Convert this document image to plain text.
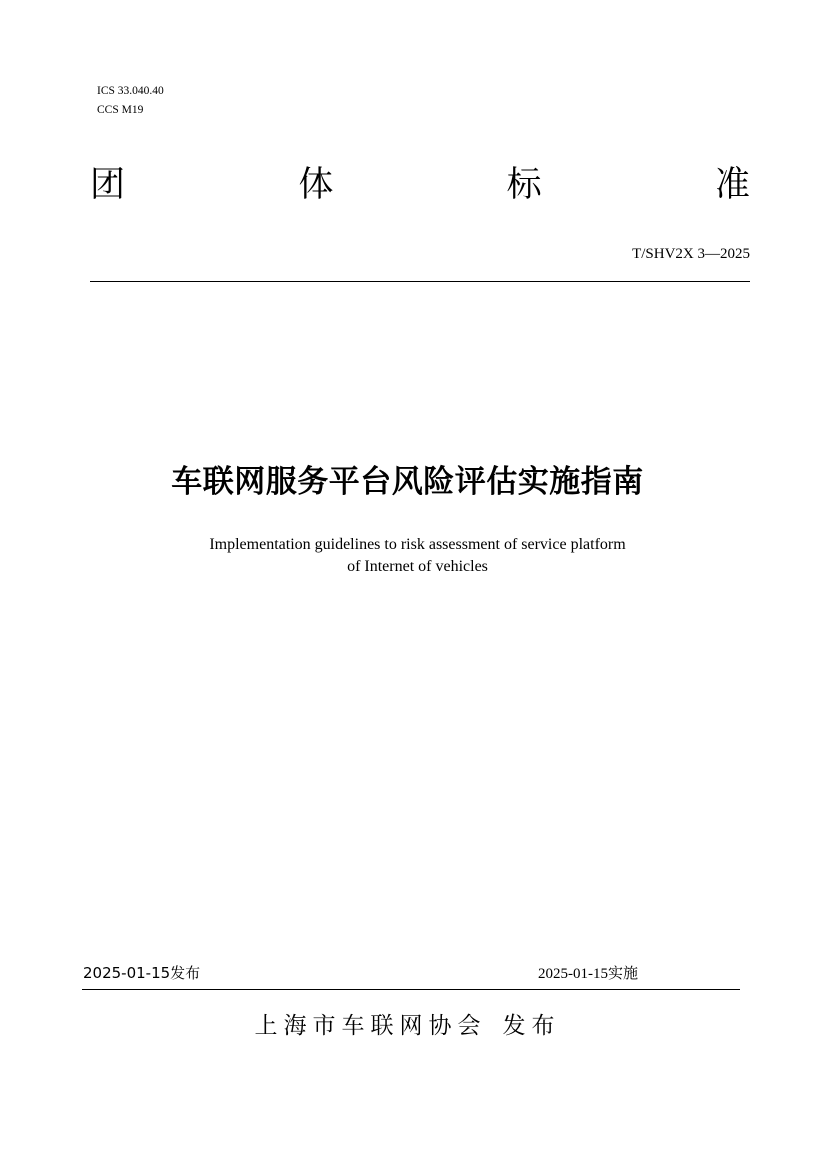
ICS 33.040.40
CCS M19
团	体	标	准
T/SHV2X 3—2025
车联网服务平台风险评估实施指南
Implementation guidelines to risk assessment of service platform
of Internet of vehicles
2025-01-15发布	2025-01-15实施
上海市车联网协会 发布
